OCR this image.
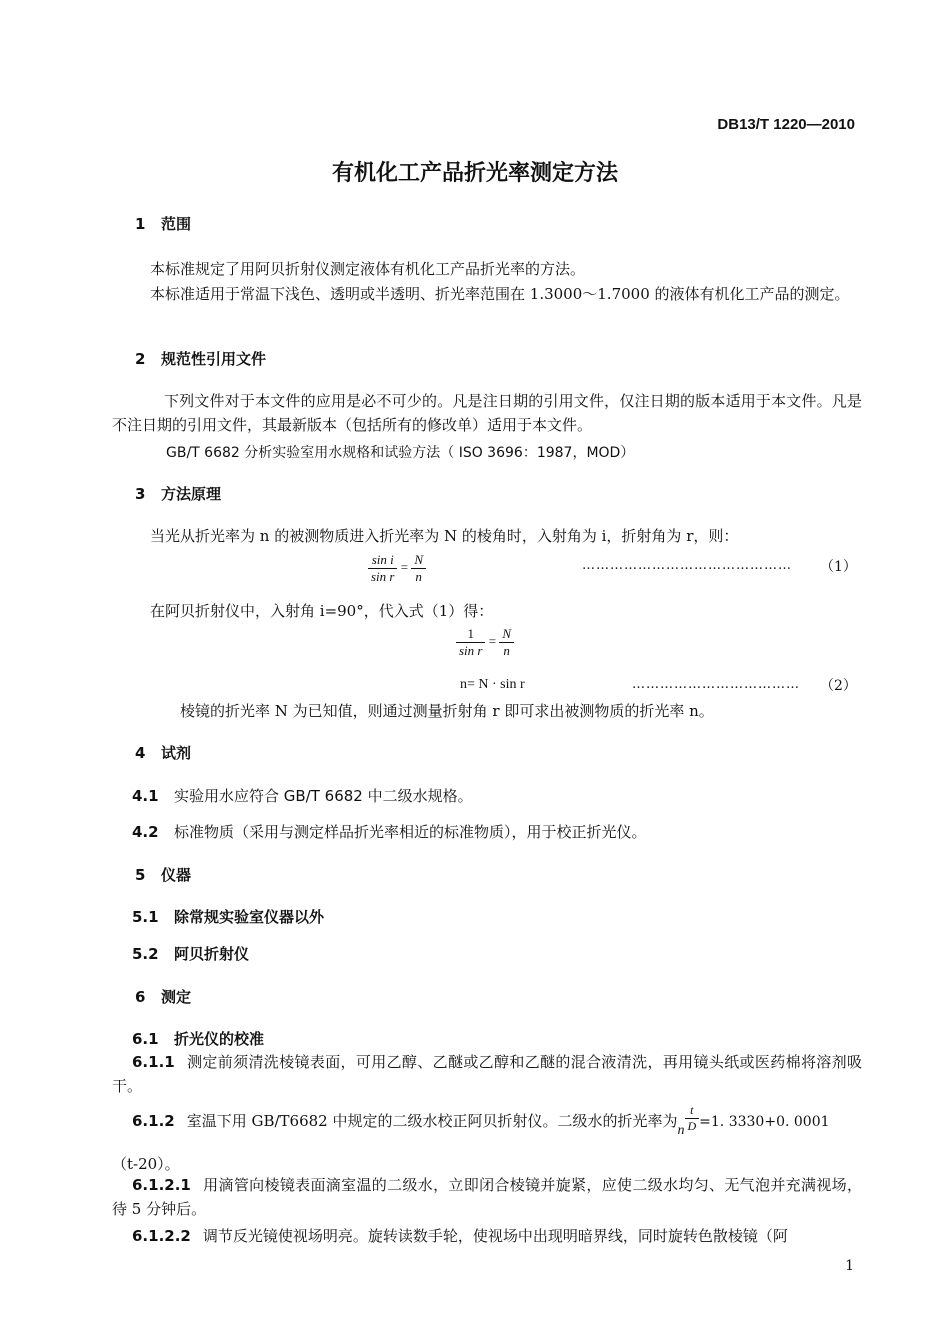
DB13/T 1220—2010
有机化工产品折光率测定方法
1 范围
本标准规定了用阿贝折射仪测定液体有机化工产品折光率的方法。
本标准适用于常温下浅色、透明或半透明、折光率范围在 1.3000～1.7000 的液体有机化工产品的测定。
2 规范性引用文件
下列文件对于本文件的应用是必不可少的。凡是注日期的引用文件，仅注日期的版本适用于本文件。凡是不注日期的引用文件，其最新版本（包括所有的修改单）适用于本文件。
GB/T 6682 分析实验室用水规格和试验方法（ ISO 3696：1987，MOD）
3 方法原理
当光从折光率为 n 的被测物质进入折光率为 N 的棱角时，入射角为 i，折射角为 r，则：
$\frac{\text{sin i}}{\text{sin r}} = \frac{N}{n}$	……………………………………… （1）
在阿贝折射仪中，入射角 i=90°，代入式（1）得：
$\frac{1}{\text{sin r}} = \frac{N}{n}$
n= N · sin r	……………………………… （2）
棱镜的折光率 N 为已知值，则通过测量折射角 r 即可求出被测物质的折光率 n。
4 试剂
4.1 实验用水应符合 GB/T 6682 中二级水规格。
4.2 标准物质（采用与测定样品折光率相近的标准物质），用于校正折光仪。
5 仪器
5.1 除常规实验室仪器以外
5.2 阿贝折射仪
6 测定
6.1 折光仪的校准
6.1.1 测定前须清洗棱镜表面，可用乙醇、乙醚或乙醇和乙醚的混合液清洗，再用镜头纸或医药棉将溶剂吸干。
6.1.2 室温下用 GB/T6682 中规定的二级水校正阿贝折射仪。二级水的折光率为n $\frac{t}{D} =1$. 3330+0. 0001
（t-20）。
6.1.2.1 用滴管向棱镜表面滴室温的二级水，立即闭合棱镜并旋紧，应使二级水均匀、无气泡并充满视场，待 5 分钟后。
6.1.2.2 调节反光镜使视场明亮。旋转读数手轮，使视场中出现明暗界线，同时旋转色散棱镜（阿
1
